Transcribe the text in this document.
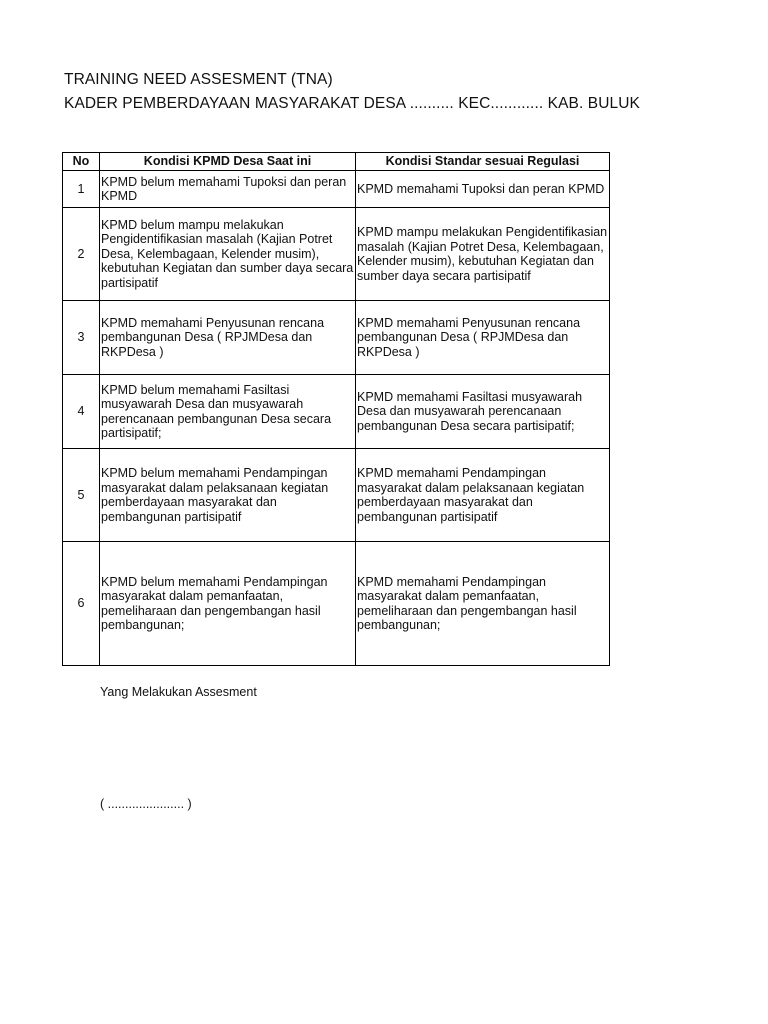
TRAINING NEED ASSESMENT (TNA)
KADER PEMBERDAYAAN MASYARAKAT DESA .......... KEC............ KAB. BULUK
No	Kondisi KPMD Desa Saat ini	Kondisi Standar sesuai Regulasi
1	KPMD belum memahami Tupoksi dan peran KPMD	KPMD memahami Tupoksi dan peran KPMD
2	KPMD belum mampu melakukan Pengidentifikasian masalah (Kajian Potret Desa, Kelembagaan, Kelender musim), kebutuhan Kegiatan dan sumber daya secara partisipatif	KPMD mampu melakukan Pengidentifikasian masalah (Kajian Potret Desa, Kelembagaan, Kelender musim), kebutuhan Kegiatan dan sumber daya secara partisipatif
3	KPMD memahami Penyusunan rencana pembangunan Desa ( RPJMDesa dan RKPDesa )	KPMD memahami Penyusunan rencana pembangunan Desa ( RPJMDesa dan RKPDesa )
4	KPMD belum memahami Fasiltasi musyawarah Desa dan musyawarah perencanaan pembangunan Desa secara partisipatif;	KPMD memahami Fasiltasi musyawarah Desa dan musyawarah perencanaan pembangunan Desa secara partisipatif;
5	KPMD belum memahami Pendampingan masyarakat dalam pelaksanaan kegiatan pemberdayaan masyarakat dan pembangunan partisipatif	KPMD memahami Pendampingan masyarakat dalam pelaksanaan kegiatan pemberdayaan masyarakat dan pembangunan partisipatif
6	KPMD belum memahami Pendampingan masyarakat dalam pemanfaatan, pemeliharaan dan pengembangan hasil pembangunan;	KPMD memahami Pendampingan masyarakat dalam pemanfaatan, pemeliharaan dan pengembangan hasil pembangunan;
Yang Melakukan Assesment
( ...................... )
